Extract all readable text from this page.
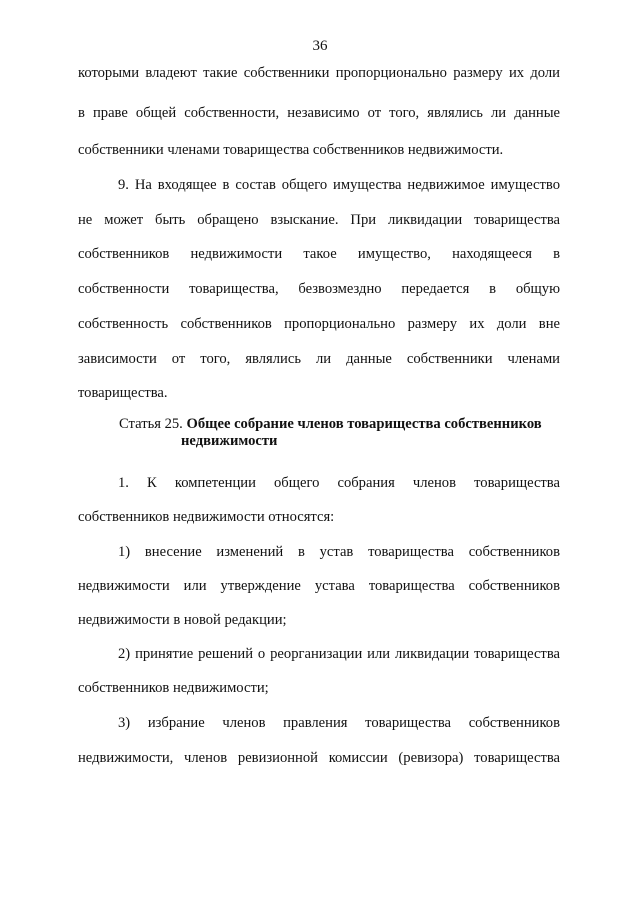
36
которыми владеют такие собственники пропорционально размеру их доли
в праве общей собственности, независимо от того, являлись ли данные
собственники членами товарищества собственников недвижимости.
9. На входящее в состав общего имущества недвижимое имущество
не может быть обращено взыскание. При ликвидации товарищества
собственников недвижимости такое имущество, находящееся в
собственности товарищества, безвозмездно передается в общую
собственность собственников пропорционально размеру их доли вне
зависимости от того, являлись ли данные собственники членами
товарищества.
Статья 25. Общее собрание членов товарищества собственников
недвижимости
1. К компетенции общего собрания членов товарищества
собственников недвижимости относятся:
1) внесение изменений в устав товарищества собственников
недвижимости или утверждение устава товарищества собственников
недвижимости в новой редакции;
2) принятие решений о реорганизации или ликвидации товарищества
собственников недвижимости;
3) избрание членов правления товарищества собственников
недвижимости, членов ревизионной комиссии (ревизора) товарищества
